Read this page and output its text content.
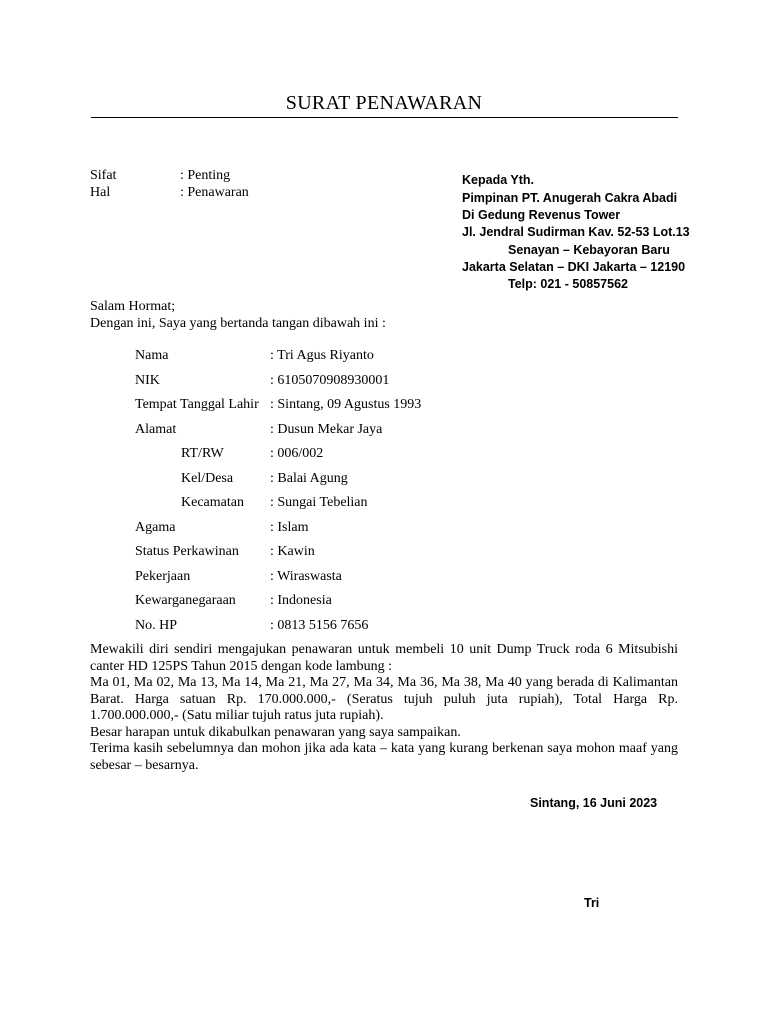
SURAT PENAWARAN
Sifat	: Penting
Hal	: Penawaran
Kepada Yth.
Pimpinan PT. Anugerah Cakra Abadi
Di Gedung Revenus Tower
Jl. Jendral Sudirman Kav. 52-53 Lot.13
Senayan – Kebayoran Baru
Jakarta Selatan – DKI Jakarta – 12190
Telp: 021 - 50857562
Salam Hormat;
Dengan ini, Saya yang bertanda tangan dibawah ini :
Nama	: Tri Agus Riyanto
NIK	: 6105070908930001
Tempat Tanggal Lahir : Sintang, 09 Agustus 1993
Alamat	: Dusun Mekar Jaya
RT/RW	: 006/002
Kel/Desa	: Balai Agung
Kecamatan : Sungai Tebelian
Agama	: Islam
Status Perkawinan : Kawin
Pekerjaan	: Wiraswasta
Kewarganegaraan : Indonesia
No. HP	: 0813 5156 7656

Mewakili diri sendiri mengajukan penawaran untuk membeli 10 unit Dump Truck roda 6 Mitsubishi canter HD 125PS Tahun 2015 dengan kode lambung :

Ma 01, Ma 02, Ma 13, Ma 14, Ma 21, Ma 27, Ma 34, Ma 36, Ma 38, Ma 40 yang berada di Kalimantan Barat. Harga satuan Rp. 170.000.000,- (Seratus tujuh puluh juta rupiah), Total Harga Rp. 1.700.000.000,- (Satu miliar tujuh ratus juta rupiah).

Besar harapan untuk dikabulkan penawaran yang saya sampaikan.

Terima kasih sebelumnya dan mohon jika ada kata – kata yang kurang berkenan saya mohon maaf yang sebesar – besarnya.

Sintang, 16 Juni 2023
Tri
